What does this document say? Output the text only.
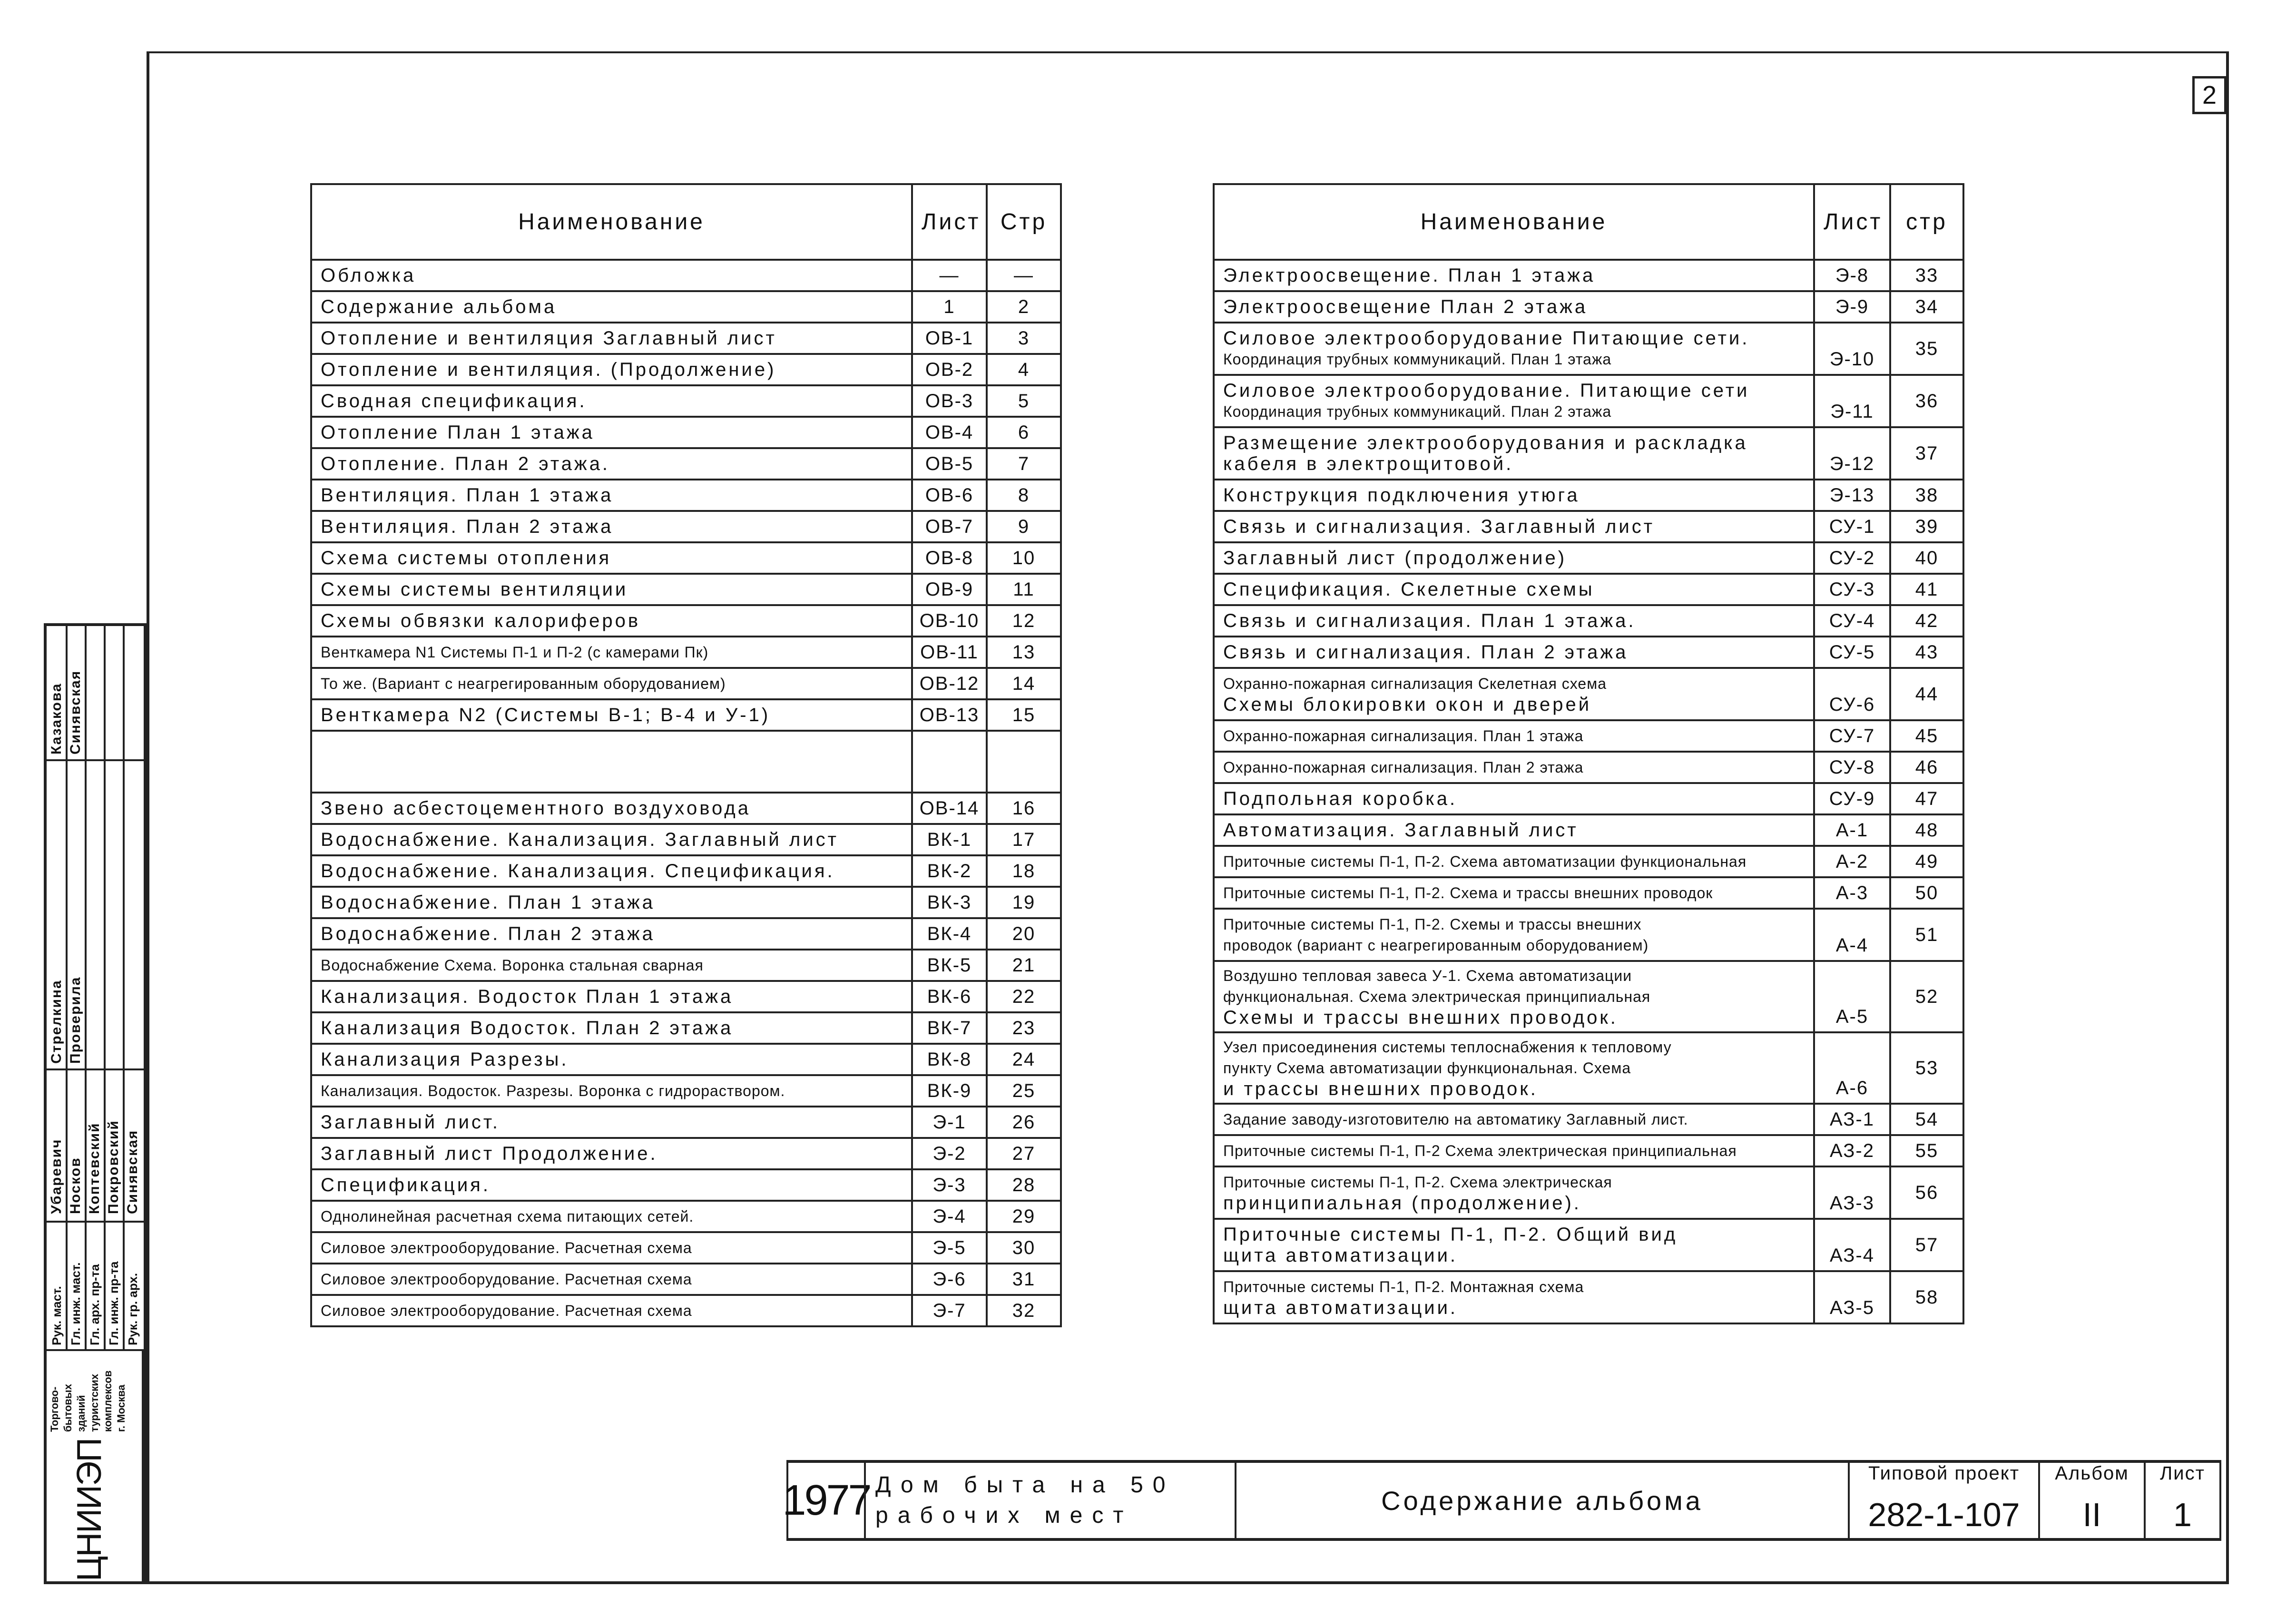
2
Казакова Синявская
Стрелкина Проверила
Убаревич Носков Коптевский Покровский Синявская
Рук. маст. Гл. инж. маст. Гл. арх. пр-та Гл. инж. пр-та Рук. гр. арх.
Торгово- бытовых зданий туристских комплексов г. Москва
ЦНИИЭП
Наименование	Лист	Стр

Обложка	—	—

Содержание альбома	1	2

Отопление и вентиляция Заглавный лист	ОВ-1	3

Отопление и вентиляция. (Продолжение)	ОВ-2	4

Сводная спецификация.	ОВ-3	5

Отопление План 1 этажа	ОВ-4	6

Отопление. План 2 этажа.	ОВ-5	7

Вентиляция. План 1 этажа	ОВ-6	8

Вентиляция. План 2 этажа	ОВ-7	9

Схема системы отопления	ОВ-8	10

Схемы системы вентиляции	ОВ-9	11

Схемы обвязки калориферов	ОВ-10	12

Венткамера N1 Системы П-1 и П-2 (с камерами Пк)	ОВ-11	13

То же. (Вариант с неагрегированным оборудованием)	ОВ-12	14

Венткамера N2 (Системы В-1; В-4 и У-1)	ОВ-13	15

Звено асбестоцементного воздуховода	ОВ-14	16

Водоснабжение. Канализация. Заглавный лист	ВК-1	17

Водоснабжение. Канализация. Спецификация.	ВК-2	18

Водоснабжение. План 1 этажа	ВК-3	19

Водоснабжение. План 2 этажа	ВК-4	20

Водоснабжение Схема. Воронка стальная сварная	ВК-5	21

Канализация. Водосток План 1 этажа	ВК-6	22

Канализация Водосток. План 2 этажа	ВК-7	23

Канализация Разрезы.	ВК-8	24

Канализация. Водосток. Разрезы. Воронка с гидрораствором.	ВК-9	25

Заглавный лист.	Э-1	26

Заглавный лист Продолжение.	Э-2	27

Спецификация.	Э-3	28

Однолинейная расчетная схема питающих сетей.	Э-4	29

Силовое электрооборудование. Расчетная схема	Э-5	30

Силовое электрооборудование. Расчетная схема	Э-6	31

Силовое электрооборудование. Расчетная схема	Э-7	32
Наименование	Лист	стр

Электроосвещение. План 1 этажа	Э-8	33

Электроосвещение План 2 этажа	Э-9	34

Силовое электрооборудование Питающие сети.
Координация трубных коммуникаций. План 1 этажа	Э-10	35

Силовое электрооборудование. Питающие сети
Координация трубных коммуникаций. План 2 этажа	Э-11	36

Размещение электрооборудования и раскладка
кабеля в электрощитовой.	Э-12	37

Конструкция подключения утюга	Э-13	38

Связь и сигнализация. Заглавный лист	СУ-1	39

Заглавный лист (продолжение)	СУ-2	40

Спецификация. Скелетные схемы	СУ-3	41

Связь и сигнализация. План 1 этажа.	СУ-4	42

Связь и сигнализация. План 2 этажа	СУ-5	43

Охранно-пожарная сигнализация Скелетная схема
Схемы блокировки окон и дверей	СУ-6	44

Охранно-пожарная сигнализация. План 1 этажа	СУ-7	45

Охранно-пожарная сигнализация. План 2 этажа	СУ-8	46

Подпольная коробка.	СУ-9	47

Автоматизация. Заглавный лист	А-1	48

Приточные системы П-1, П-2. Схема автоматизации функциональная	А-2	49

Приточные системы П-1, П-2. Схема и трассы внешних проводок	А-3	50

Приточные системы П-1, П-2. Схемы и трассы внешних
проводок (вариант с неагрегированным оборудованием)	А-4	51

Воздушно тепловая завеса У-1. Схема автоматизации
функциональная. Схема электрическая принципиальная
Схемы и трассы внешних проводок.	А-5	52

Узел присоединения системы теплоснабжения к тепловому
пункту Схема автоматизации функциональная. Схема
и трассы внешних проводок.	А-6	53

Задание заводу-изготовителю на автоматику Заглавный лист.	АЗ-1	54

Приточные системы П-1, П-2 Схема электрическая принципиальная	АЗ-2	55

Приточные системы П-1, П-2. Схема электрическая
принципиальная (продолжение).	АЗ-3	56

Приточные системы П-1, П-2. Общий вид
щита автоматизации.	АЗ-4	57

Приточные системы П-1, П-2. Монтажная схема
щита автоматизации.	АЗ-5	58
1977 Дом быта на 50
рабочих мест	Содержание альбома
Типовой проект
282-1-107
Альбом
II
Лист
1
